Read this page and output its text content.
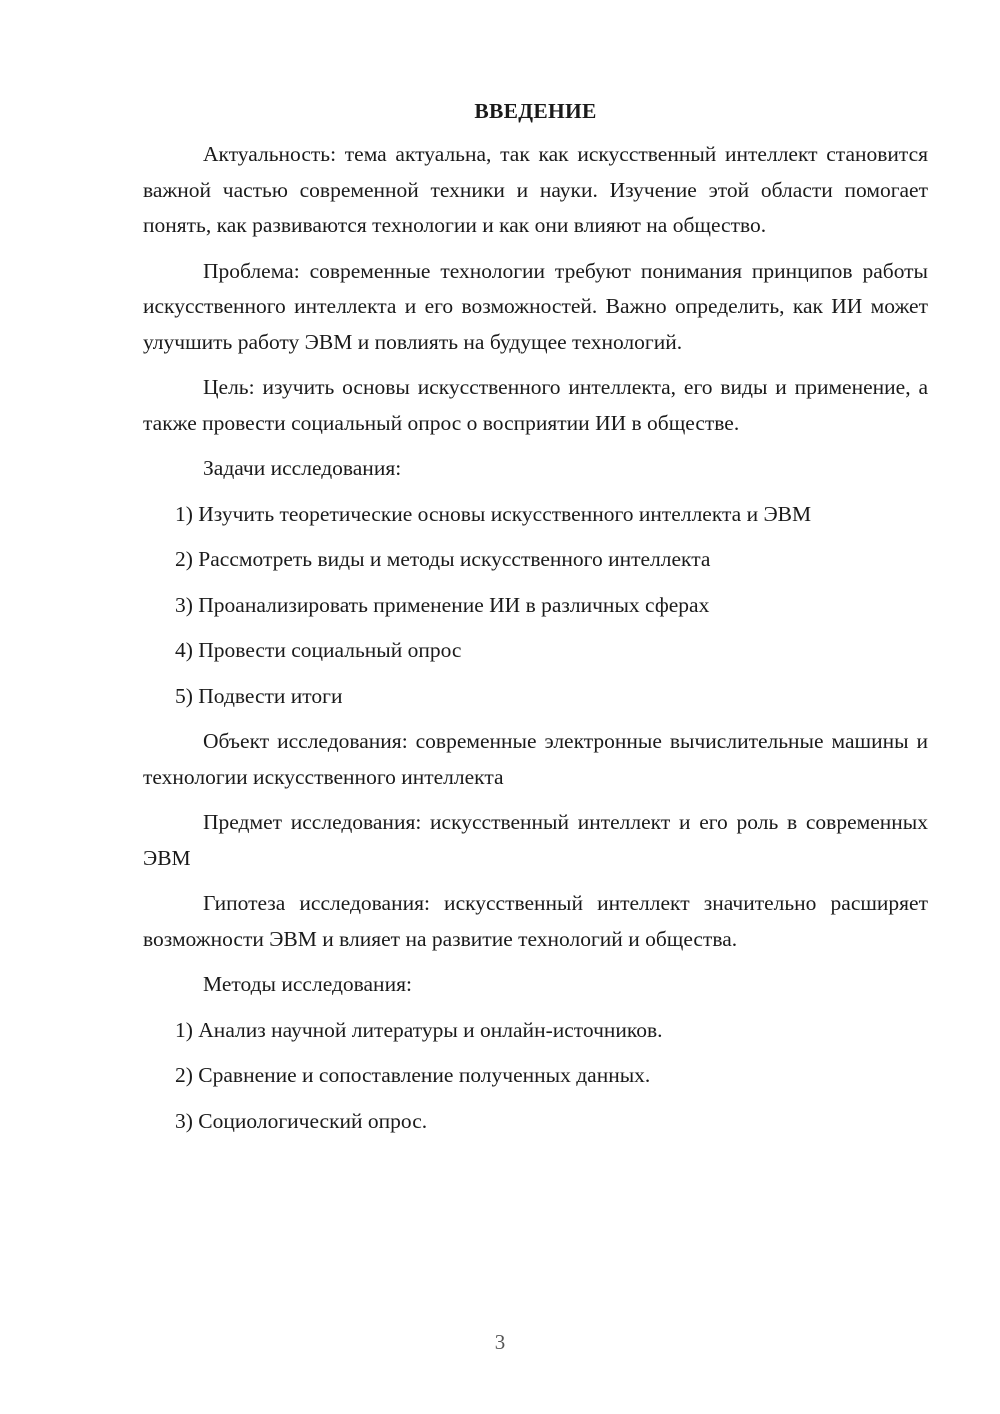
ВВЕДЕНИЕ

Актуальность: тема актуальна, так как искусственный интеллект становится важной частью современной техники и науки. Изучение этой области помогает понять, как развиваются технологии и как они влияют на общество.

Проблема: современные технологии требуют понимания принципов работы искусственного интеллекта и его возможностей. Важно определить, как ИИ может улучшить работу ЭВМ и повлиять на будущее технологий.

Цель: изучить основы искусственного интеллекта, его виды и применение, а также провести социальный опрос о восприятии ИИ в обществе.

Задачи исследования:

1) Изучить теоретические основы искусственного интеллекта и ЭВМ
2) Рассмотреть виды и методы искусственного интеллекта
3) Проанализировать применение ИИ в различных сферах
4) Провести социальный опрос
5) Подвести итоги

Объект исследования: современные электронные вычислительные машины и технологии искусственного интеллекта

Предмет исследования: искусственный интеллект и его роль в современных ЭВМ

Гипотеза исследования: искусственный интеллект значительно расширяет возможности ЭВМ и влияет на развитие технологий и общества.

Методы исследования:

1) Анализ научной литературы и онлайн-источников.
2) Сравнение и сопоставление полученных данных.
3) Социологический опрос.
3
